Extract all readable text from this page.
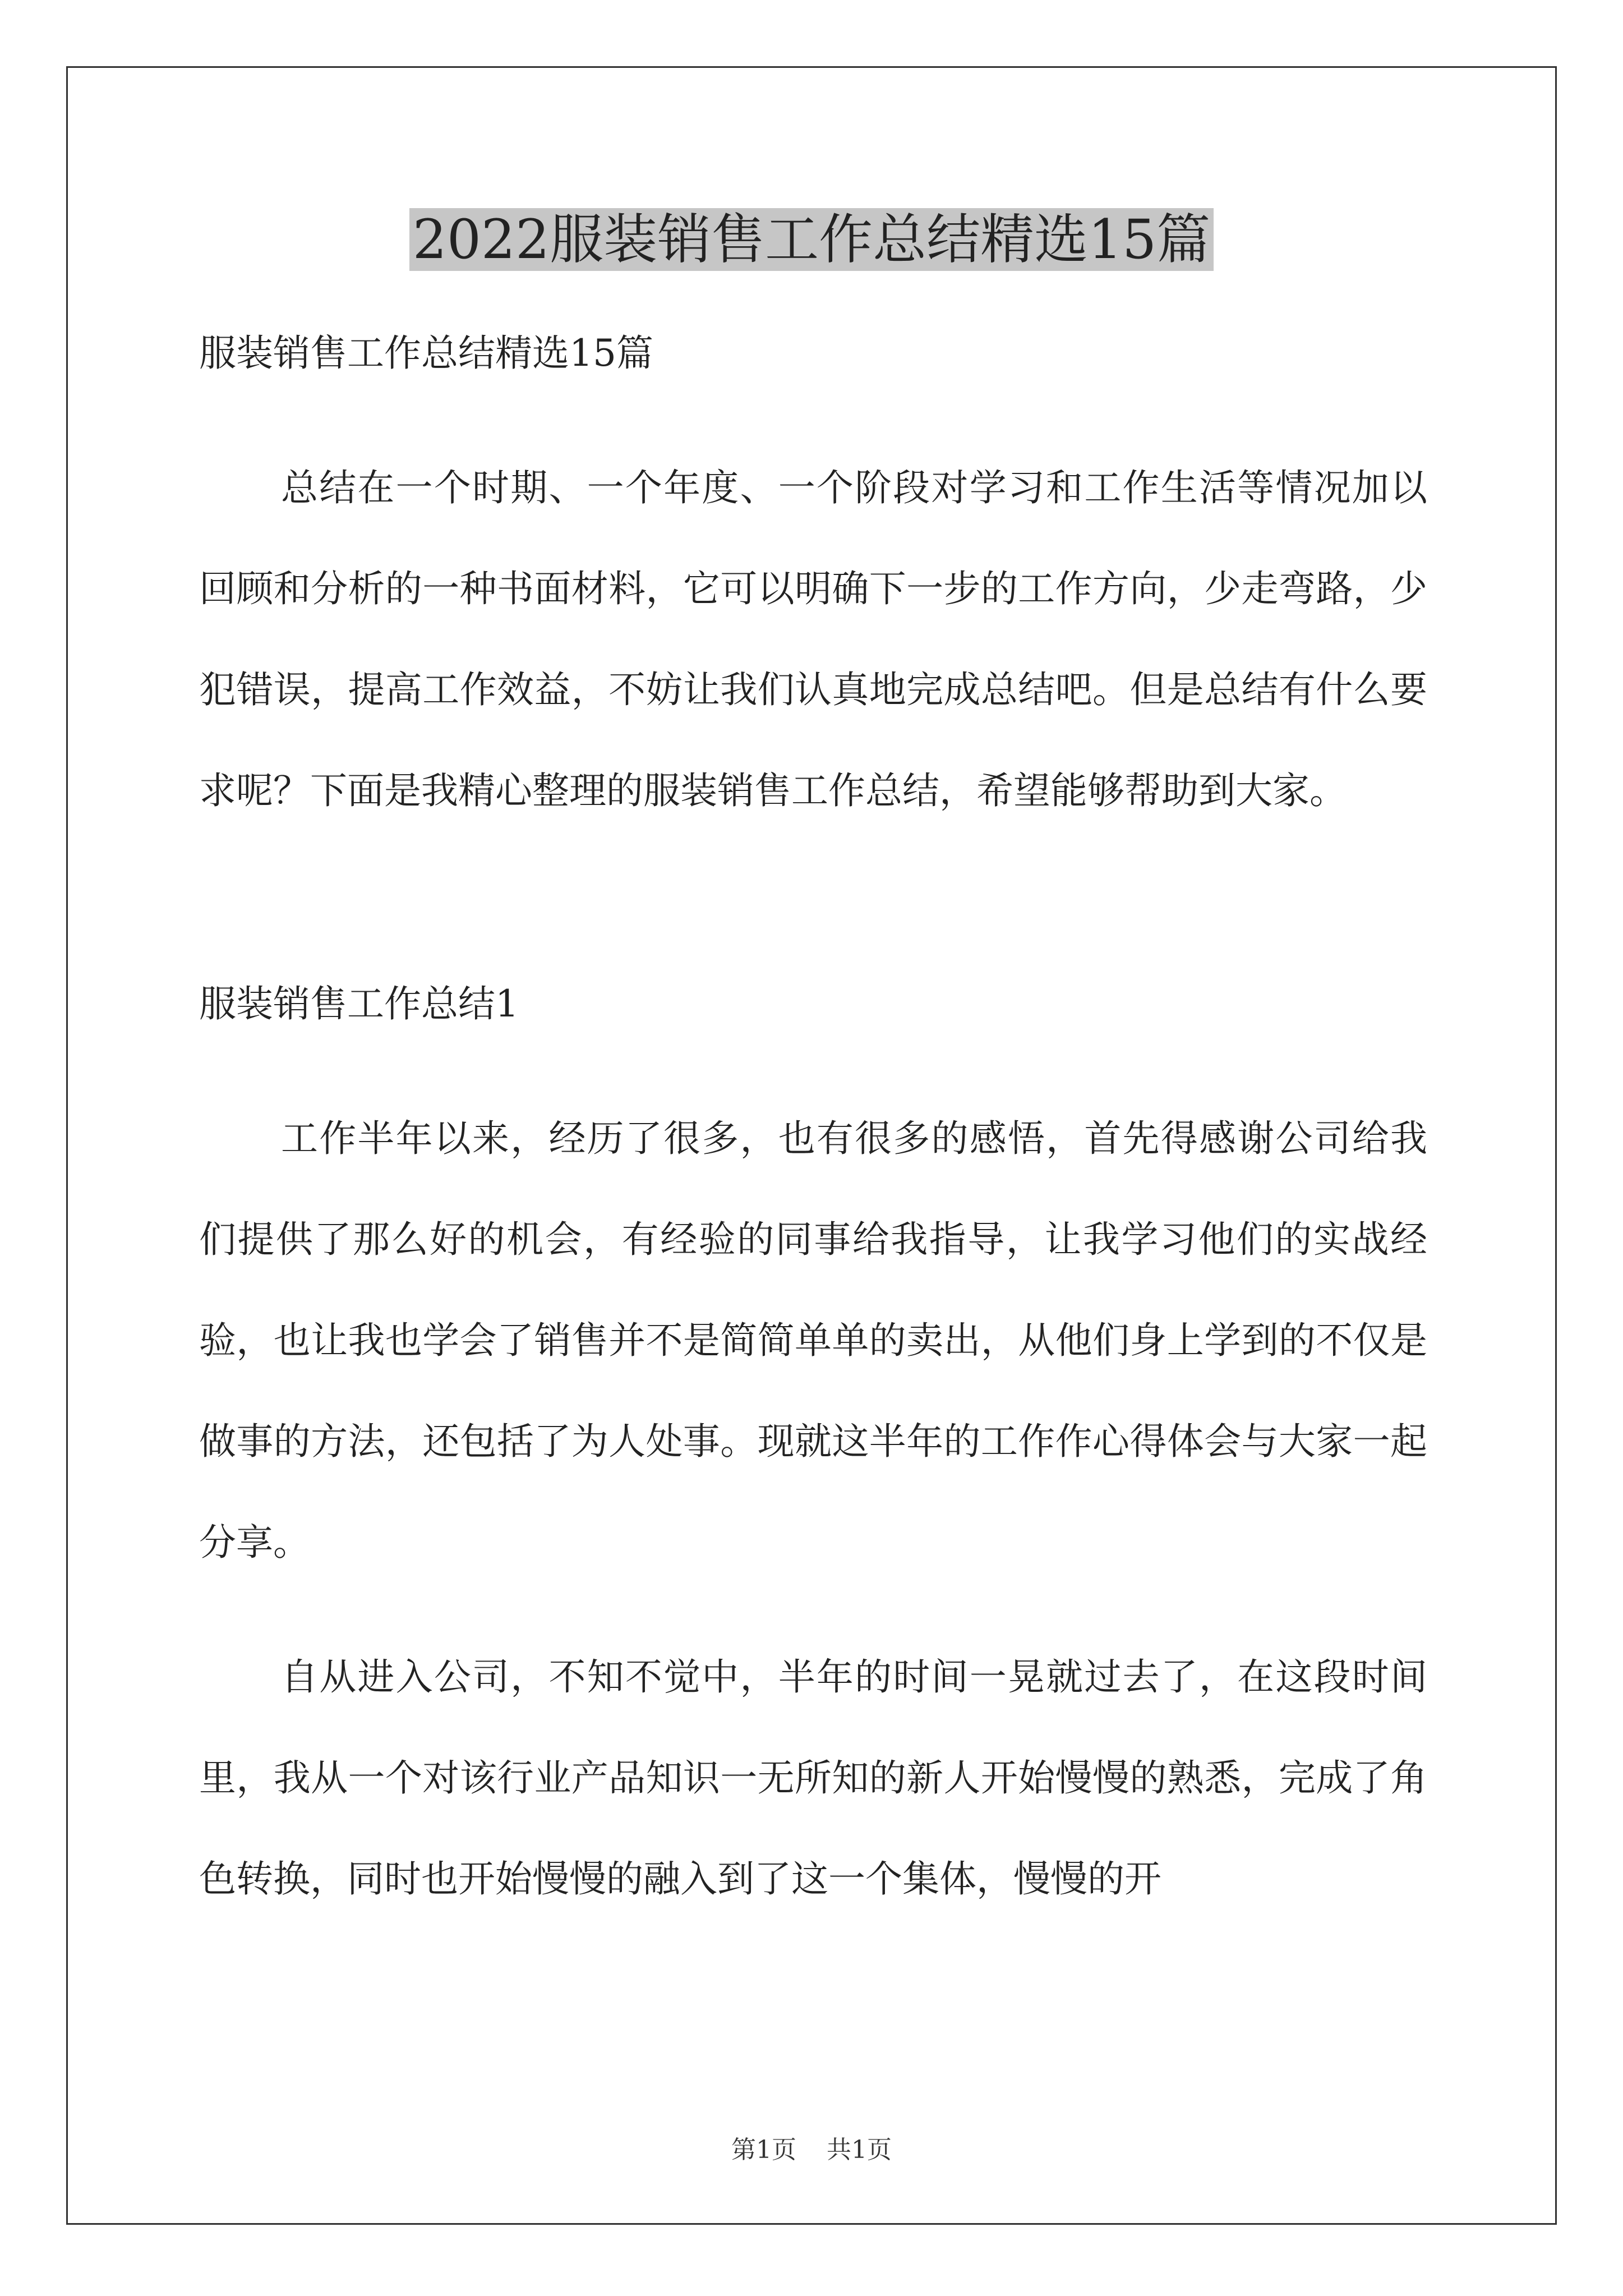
2022服装销售工作总结精选15篇

服装销售工作总结精选15篇

总结在一个时期、一个年度、一个阶段对学习和工作生活等情况加以回顾和分析的一种书面材料，它可以明确下一步的工作方向，少走弯路，少犯错误，提高工作效益，不妨让我们认真地完成总结吧。但是总结有什么要求呢？下面是我精心整理的服装销售工作总结，希望能够帮助到大家。

服装销售工作总结1

工作半年以来，经历了很多，也有很多的感悟，首先得感谢公司给我们提供了那么好的机会，有经验的同事给我指导，让我学习他们的实战经验，也让我也学会了销售并不是简简单单的卖出，从他们身上学到的不仅是做事的方法，还包括了为人处事。现就这半年的工作作心得体会与大家一起分享。

自从进入公司，不知不觉中，半年的时间一晃就过去了，在这段时间里，我从一个对该行业产品知识一无所知的新人开始慢慢的熟悉，完成了角色转换，同时也开始慢慢的融入到了这一个集体，慢慢的开

第1页 共1页
